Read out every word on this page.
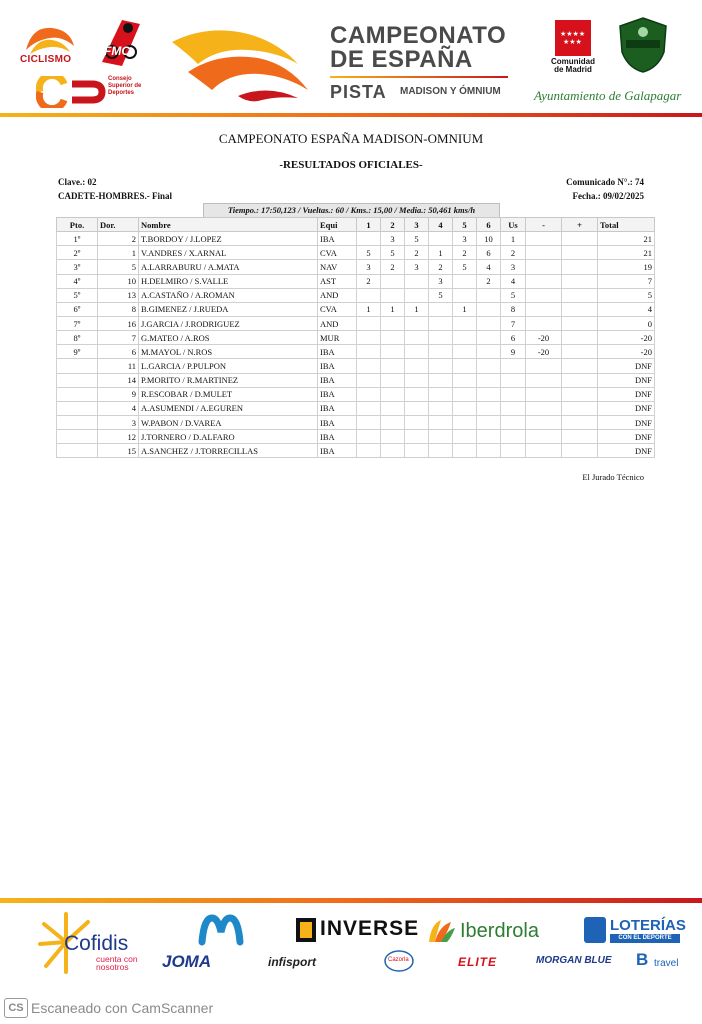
CICLISMO
FMC
Consejo Superior de Deportes
CAMPEONATO
DE ESPAÑA
PISTA MADISON Y ÓMNIUM
★★★★
★★★
Comunidad de Madrid
Ayuntamiento de Galapagar
CAMPEONATO ESPAÑA MADISON-OMNIUM
-RESULTADOS OFICIALES-
Clave.: 02
CADETE-HOMBRES.- Final
Comunicado N°.: 74
Fecha.: 09/02/2025
Tiempo.: 17:50,123 / Vueltas.: 60 / Kms.: 15,00 / Media.: 50,461 kms/h
Pto.	Dor.	Nombre	Equi	1	2	3	4	5	6	Us	-	+	Total
1º	2	T.BORDOY / J.LOPEZ	IBA		3	5		3	10	1			21
2º	1	V.ANDRES / X.ARNAL	CVA	5	5	2	1	2	6	2			21
3º	5	A.LARRABURU / A.MATA	NAV	3	2	3	2	5	4	3			19
4º	10	H.DELMIRO / S.VALLE	AST	2			3		2	4			7
5º	13	A.CASTAÑO / A.ROMAN	AND				5			5			5
6º	8	B.GIMENEZ / J.RUEDA	CVA	1	1	1		1		8			4
7º	16	J.GARCIA / J.RODRIGUEZ	AND							7			0
8º	7	G.MATEO / A.ROS	MUR							6	-20		-20
9º	6	M.MAYOL / N.ROS	IBA							9	-20		-20
	11	L.GARCIA / P.PULPON	IBA										DNF
	14	P.MORITO / R.MARTINEZ	IBA										DNF
	9	R.ESCOBAR / D.MULET	IBA										DNF
	4	A.ASUMENDI / A.EGUREN	IBA										DNF
	3	W.PABON / D.VAREA	IBA										DNF
	12	J.TORNERO / D.ALFARO	IBA										DNF
	15	A.SANCHEZ / J.TORRECILLAS	IBA										DNF
El Jurado Técnico
Cofidis
cuenta con nosotros	JOMA
INVERSE
infisport
Iberdrola
Cazorla	ELITE
LOTERÍAS
CON EL DEPORTE
MORGAN BLUE B travel
CS Escaneado con CamScanner
